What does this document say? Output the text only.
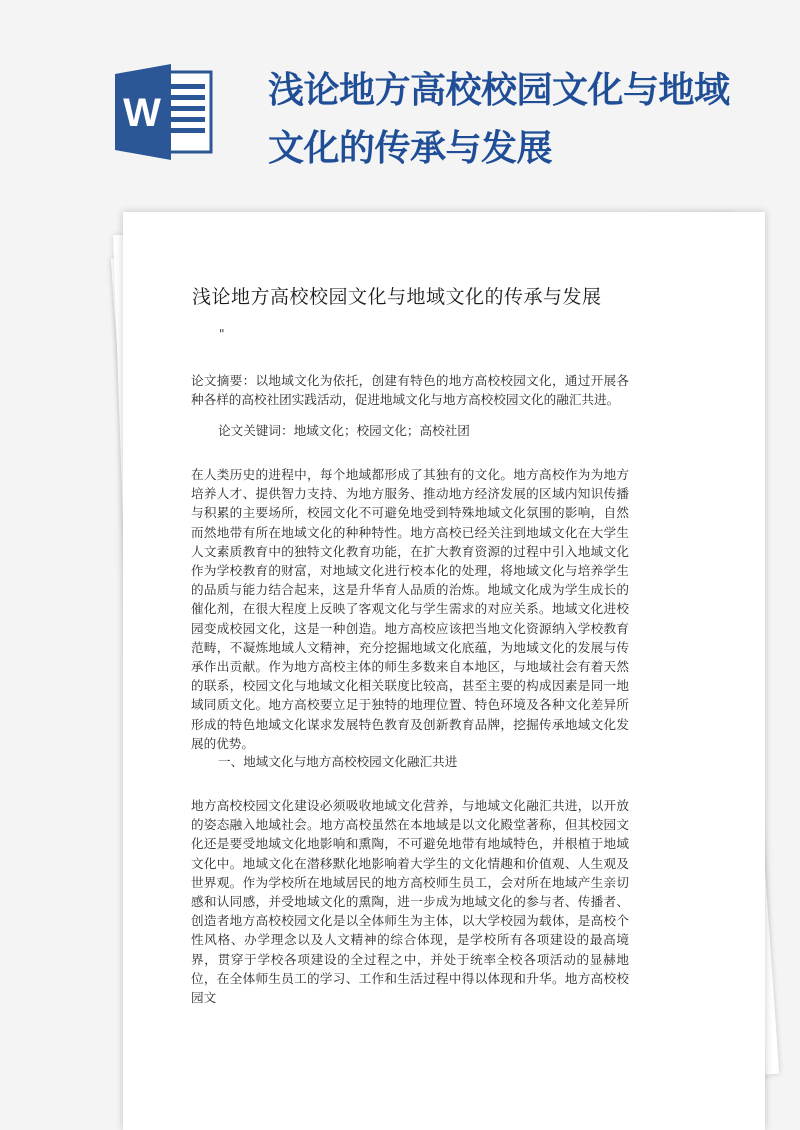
W
浅论地方高校校园文化与地域文化的传承与发展
浅论地方高校校园文化与地域文化的传承与发展
"

论文摘要：以地域文化为依托，创建有特色的地方高校校园文化，通过开展各种各样的高校社团实践活动，促进地域文化与地方高校校园文化的融汇共进。

论文关键词：地域文化；校园文化；高校社团

在人类历史的进程中，每个地域都形成了其独有的文化。地方高校作为为地方培养人才、提供智力支持、为地方服务、推动地方经济发展的区域内知识传播与积累的主要场所，校园文化不可避免地受到特殊地域文化氛围的影响，自然而然地带有所在地域文化的种种特性。地方高校已经关注到地域文化在大学生人文素质教育中的独特文化教育功能，在扩大教育资源的过程中引入地域文化作为学校教育的财富，对地域文化进行校本化的处理，将地域文化与培养学生的品质与能力结合起来，这是升华育人品质的治炼。地域文化成为学生成长的催化剂，在很大程度上反映了客观文化与学生需求的对应关系。地域文化进校园变成校园文化，这是一种创造。地方高校应该把当地文化资源纳入学校教育范畴，不凝炼地域人文精神，充分挖掘地域文化底蕴，为地域文化的发展与传承作出贡献。作为地方高校主体的师生多数来自本地区，与地域社会有着天然的联系，校园文化与地域文化相关联度比较高，甚至主要的构成因素是同一地域同质文化。地方高校要立足于独特的地理位置、特色环境及各种文化差异所形成的特色地域文化谋求发展特色教育及创新教育品牌，挖掘传承地域文化发展的优势。

一、地域文化与地方高校校园文化融汇共进

地方高校校园文化建设必须吸收地域文化营养，与地域文化融汇共进，以开放的姿态融入地域社会。地方高校虽然在本地域是以文化殿堂著称，但其校园文化还是要受地域文化地影响和熏陶，不可避免地带有地域特色，并根植于地域文化中。地域文化在潜移默化地影响着大学生的文化情趣和价值观、人生观及世界观。作为学校所在地域居民的地方高校师生员工，会对所在地域产生亲切感和认同感，并受地域文化的熏陶，进一步成为地域文化的参与者、传播者、创造者地方高校校园文化是以全体师生为主体，以大学校园为载体，是高校个性风格、办学理念以及人文精神的综合体现，是学校所有各项建设的最高境界，贯穿于学校各项建设的全过程之中，并处于统率全校各项活动的显赫地位，在全体师生员工的学习、工作和生活过程中得以体现和升华。地方高校校园文
